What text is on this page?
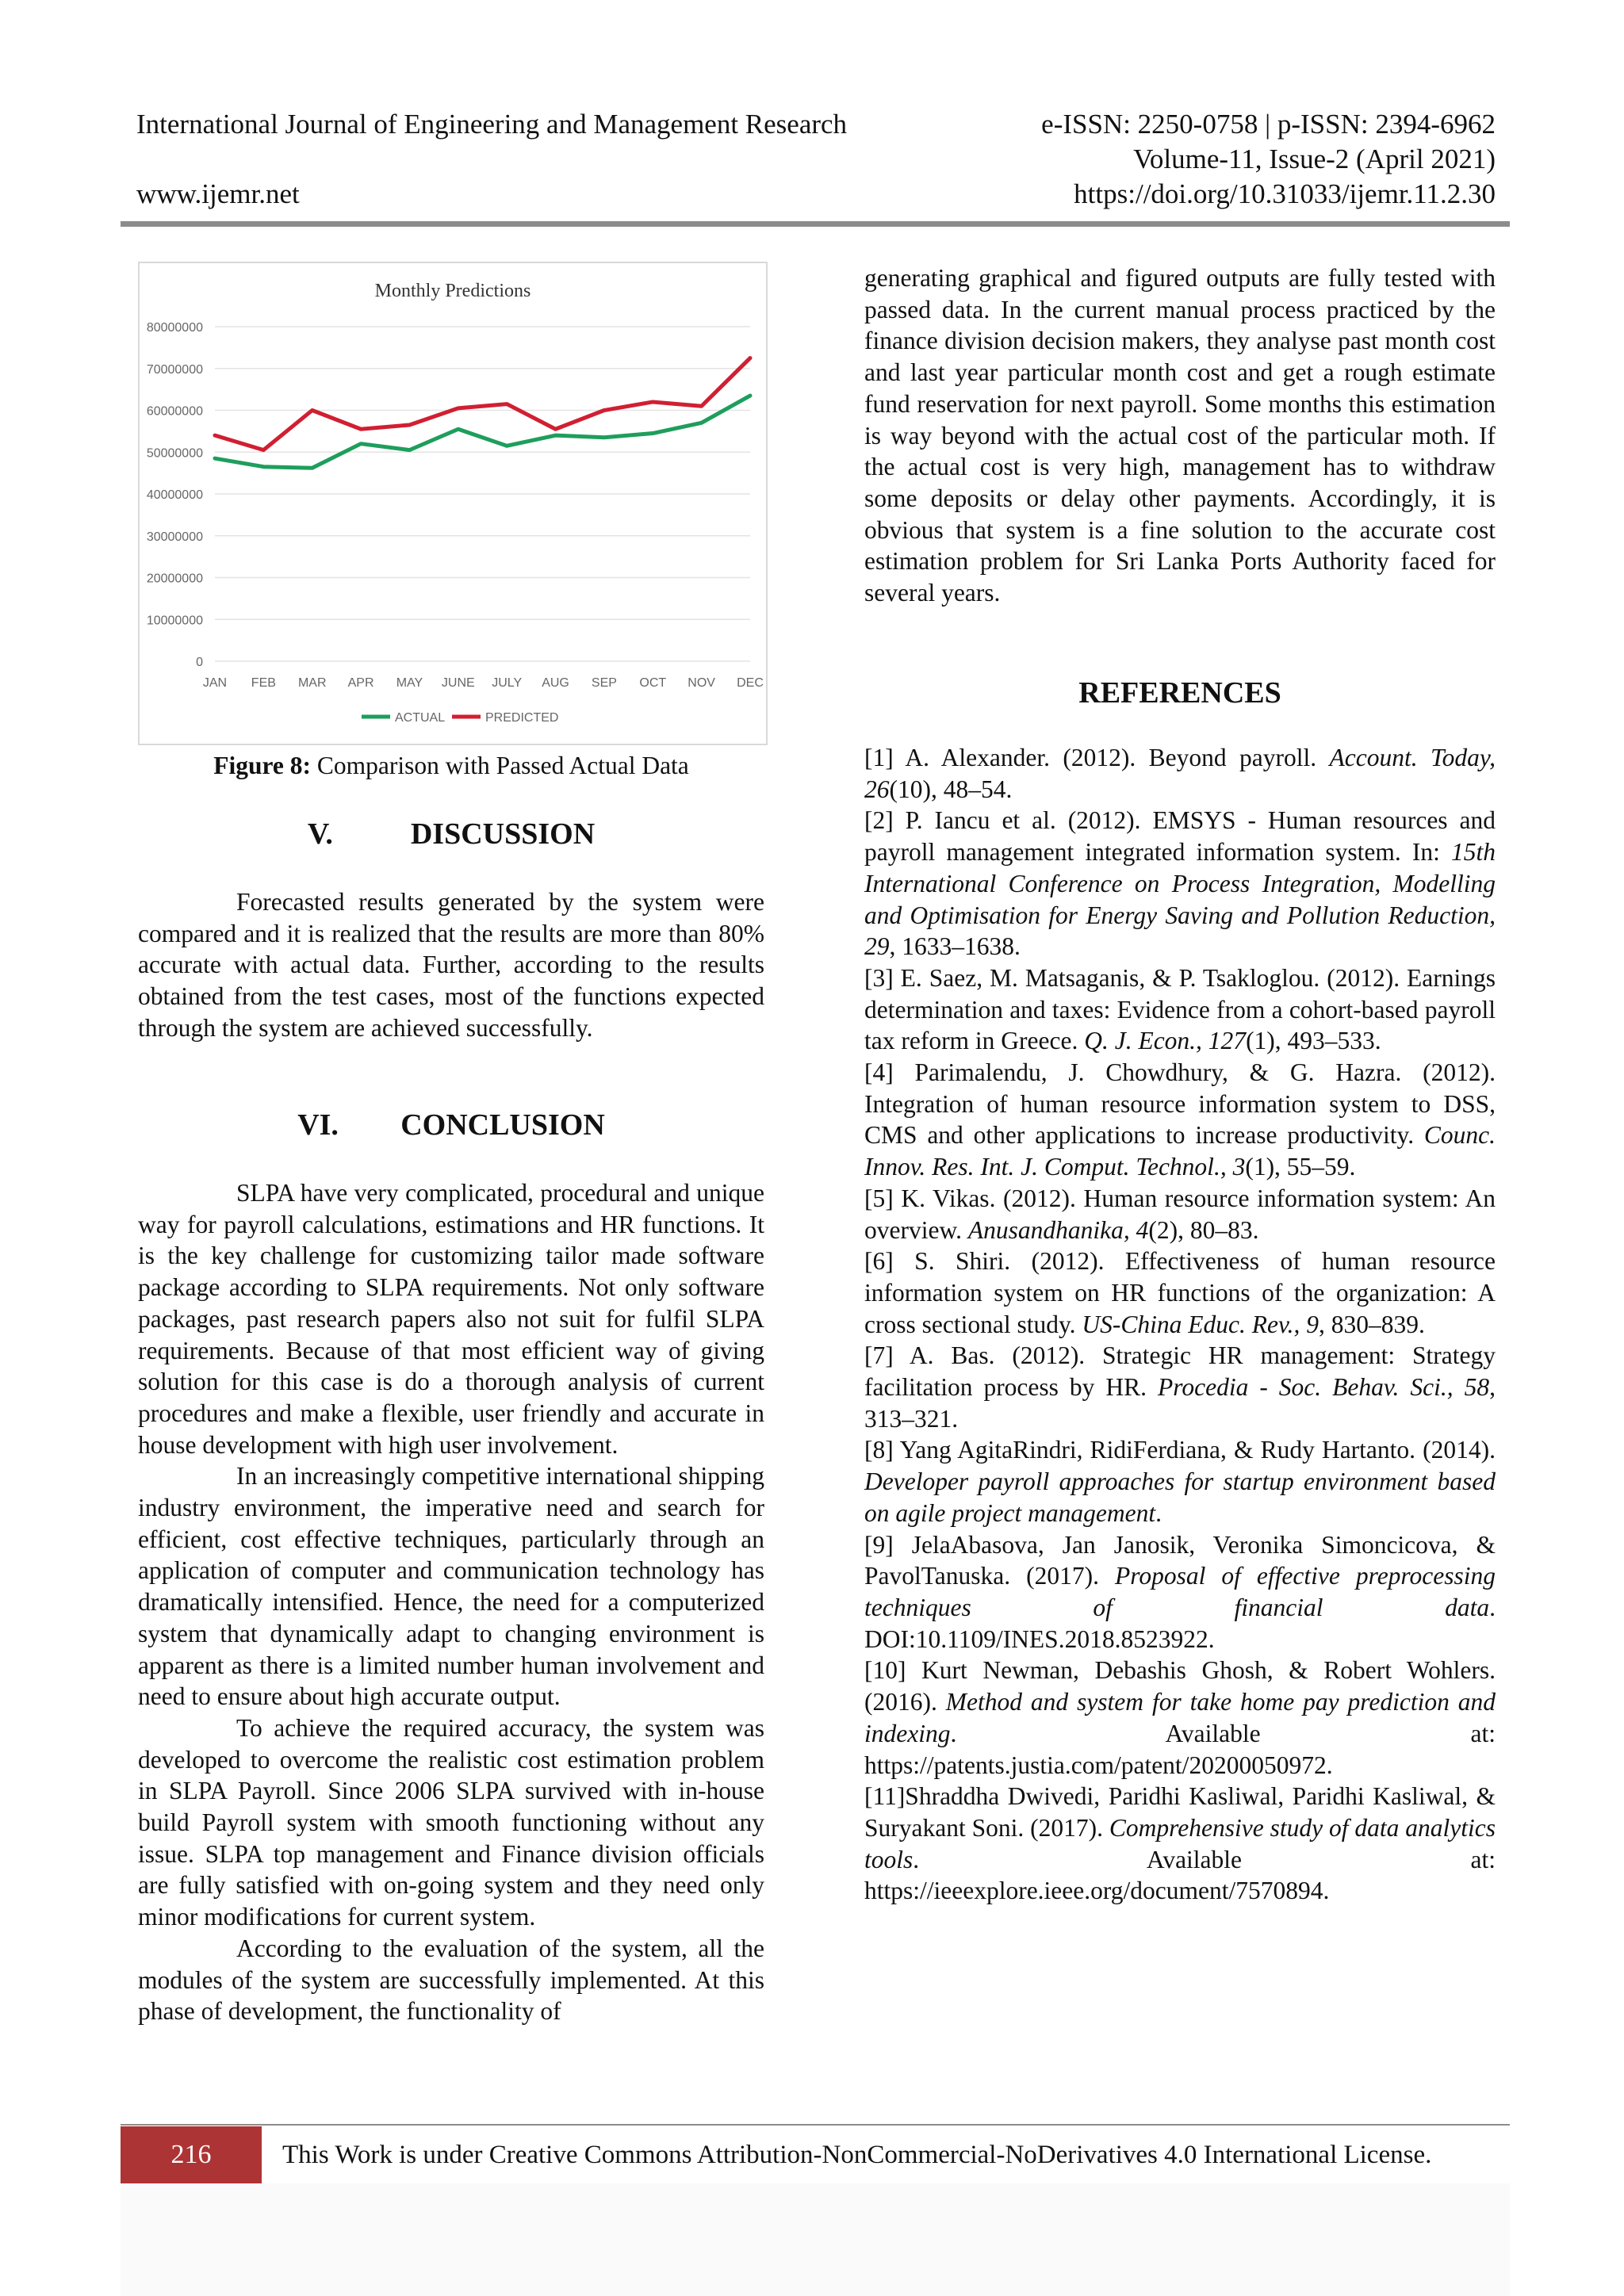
International Journal of Engineering and Management Research	e-ISSN: 2250-0758 | p-ISSN: 2394-6962
Volume-11, Issue-2 (April 2021)
www.ijemr.net	https://doi.org/10.31033/ijemr.11.2.30
Monthly Predictions
0
10000000
20000000
30000000
40000000
50000000
60000000
70000000
80000000
JAN FEB MAR APR MAY JUNE JULY AUG SEP OCT NOV DEC
ACTUAL	PREDICTED
Figure 8: Comparison with Passed Actual Data
V.	DISCUSSION

Forecasted results generated by the system were compared and it is realized that the results are more than 80% accurate with actual data. Further, according to the results obtained from the test cases, most of the functions expected through the system are achieved successfully.

VI. CONCLUSION

SLPA have very complicated, procedural and unique way for payroll calculations, estimations and HR functions. It is the key challenge for customizing tailor made software package according to SLPA requirements. Not only software packages, past research papers also not suit for fulfil SLPA requirements. Because of that most efficient way of giving solution for this case is do a thorough analysis of current procedures and make a flexible, user friendly and accurate in house development with high user involvement.

In an increasingly competitive international shipping industry environment, the imperative need and search for efficient, cost effective techniques, particularly through an application of computer and communication technology has dramatically intensified. Hence, the need for a computerized system that dynamically adapt to changing environment is apparent as there is a limited number human involvement and need to ensure about high accurate output.

To achieve the required accuracy, the system was developed to overcome the realistic cost estimation problem in SLPA Payroll. Since 2006 SLPA survived with in-house build Payroll system with smooth functioning without any issue. SLPA top management and Finance division officials are fully satisfied with on-going system and they need only minor modifications for current system.

According to the evaluation of the system, all the modules of the system are successfully implemented. At this phase of development, the functionality of

generating graphical and figured outputs are fully tested with passed data. In the current manual process practiced by the finance division decision makers, they analyse past month cost and last year particular month cost and get a rough estimate fund reservation for next payroll. Some months this estimation is way beyond with the actual cost of the particular moth. If the actual cost is very high, management has to withdraw some deposits or delay other payments. Accordingly, it is obvious that system is a fine solution to the accurate cost estimation problem for Sri Lanka Ports Authority faced for several years.

REFERENCES

[1] A. Alexander. (2012). Beyond payroll. Account. Today, 26(10), 48–54.

[2] P. Iancu et al. (2012). EMSYS - Human resources and payroll management integrated information system. In: 15th International Conference on Process Integration, Modelling and Optimisation for Energy Saving and Pollution Reduction, 29, 1633–1638.

[3] E. Saez, M. Matsaganis, & P. Tsakloglou. (2012). Earnings determination and taxes: Evidence from a cohort-based payroll tax reform in Greece. Q. J. Econ., 127(1), 493–533.

[4] Parimalendu, J. Chowdhury, & G. Hazra. (2012). Integration of human resource information system to DSS, CMS and other applications to increase productivity. Counc. Innov. Res. Int. J. Comput. Technol., 3(1), 55–59.

[5] K. Vikas. (2012). Human resource information system: An overview. Anusandhanika, 4(2), 80–83.

[6] S. Shiri. (2012). Effectiveness of human resource information system on HR functions of the organization: A cross sectional study. US-China Educ. Rev., 9, 830–839.

[7] A. Bas. (2012). Strategic HR management: Strategy facilitation process by HR. Procedia - Soc. Behav. Sci., 58, 313–321.

[8] Yang AgitaRindri, RidiFerdiana, & Rudy Hartanto. (2014). Developer payroll approaches for startup environment based on agile project management.

[9] JelaAbasova, Jan Janosik, Veronika Simoncicova, & PavolTanuska. (2017). Proposal of effective preprocessing techniques of financial data. DOI:10.1109/INES.2018.8523922.

[10] Kurt Newman, Debashis Ghosh, & Robert Wohlers. (2016). Method and system for take home pay prediction and indexing. Available at: https://patents.justia.com/patent/20200050972.

[11]Shraddha Dwivedi, Paridhi Kasliwal, Paridhi Kasliwal, & Suryakant Soni. (2017). Comprehensive study of data analytics tools. Available at: https://ieeexplore.ieee.org/document/7570894.

216	This Work is under Creative Commons Attribution-NonCommercial-NoDerivatives 4.0 International License.
